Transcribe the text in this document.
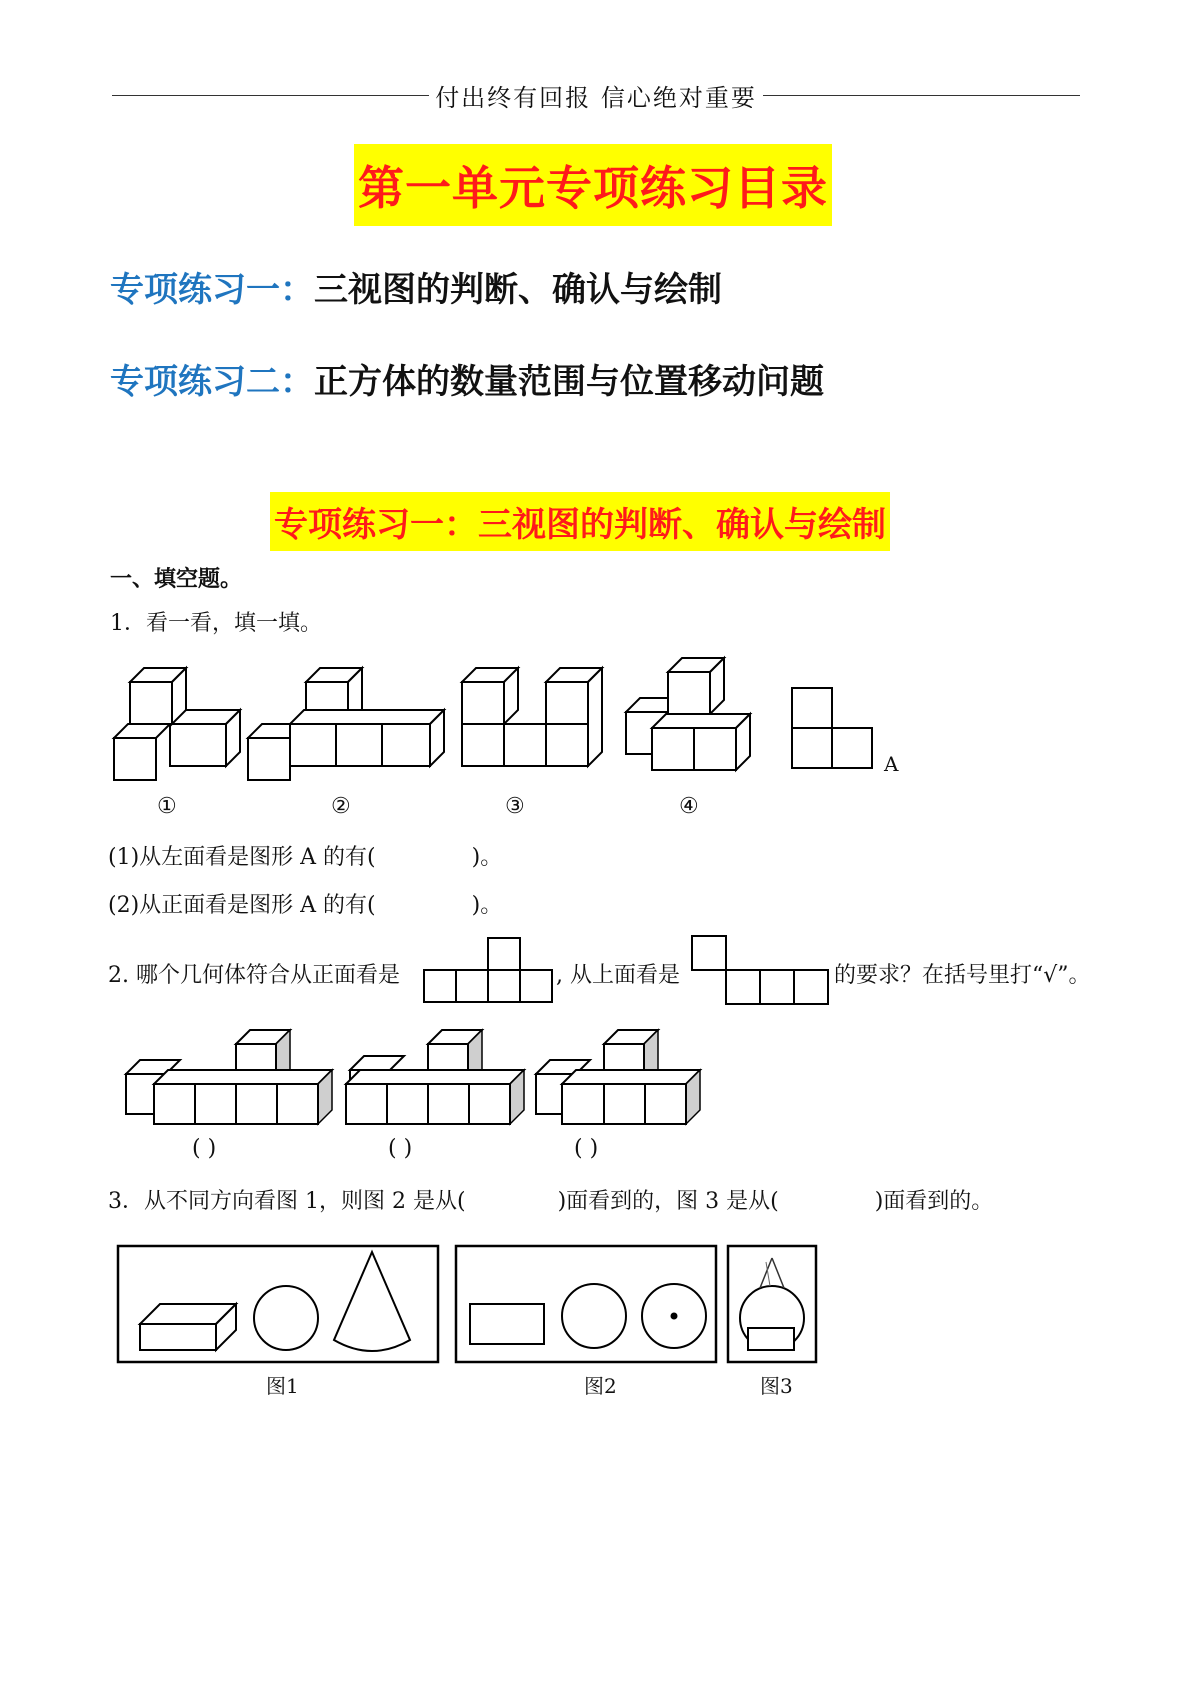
付出终有回报 信心绝对重要
第一单元专项练习目录
专项练习一：三视图的判断、确认与绘制
专项练习二：正方体的数量范围与位置移动问题
专项练习一：三视图的判断、确认与绘制
一、填空题。
1．看一看，填一填。
A
①	②	③	④
(1)从左面看是图形 A 的有(	)。
(2)从正面看是图形 A 的有(	)。
2. 哪个几何体符合从正面看是	, 从上面看是	的要求？在括号里打“√”。
( )	( )	( )
3．从不同方向看图 1，则图 2 是从(	)面看到的，图 3 是从(	)面看到的。
图1	图2	图3
